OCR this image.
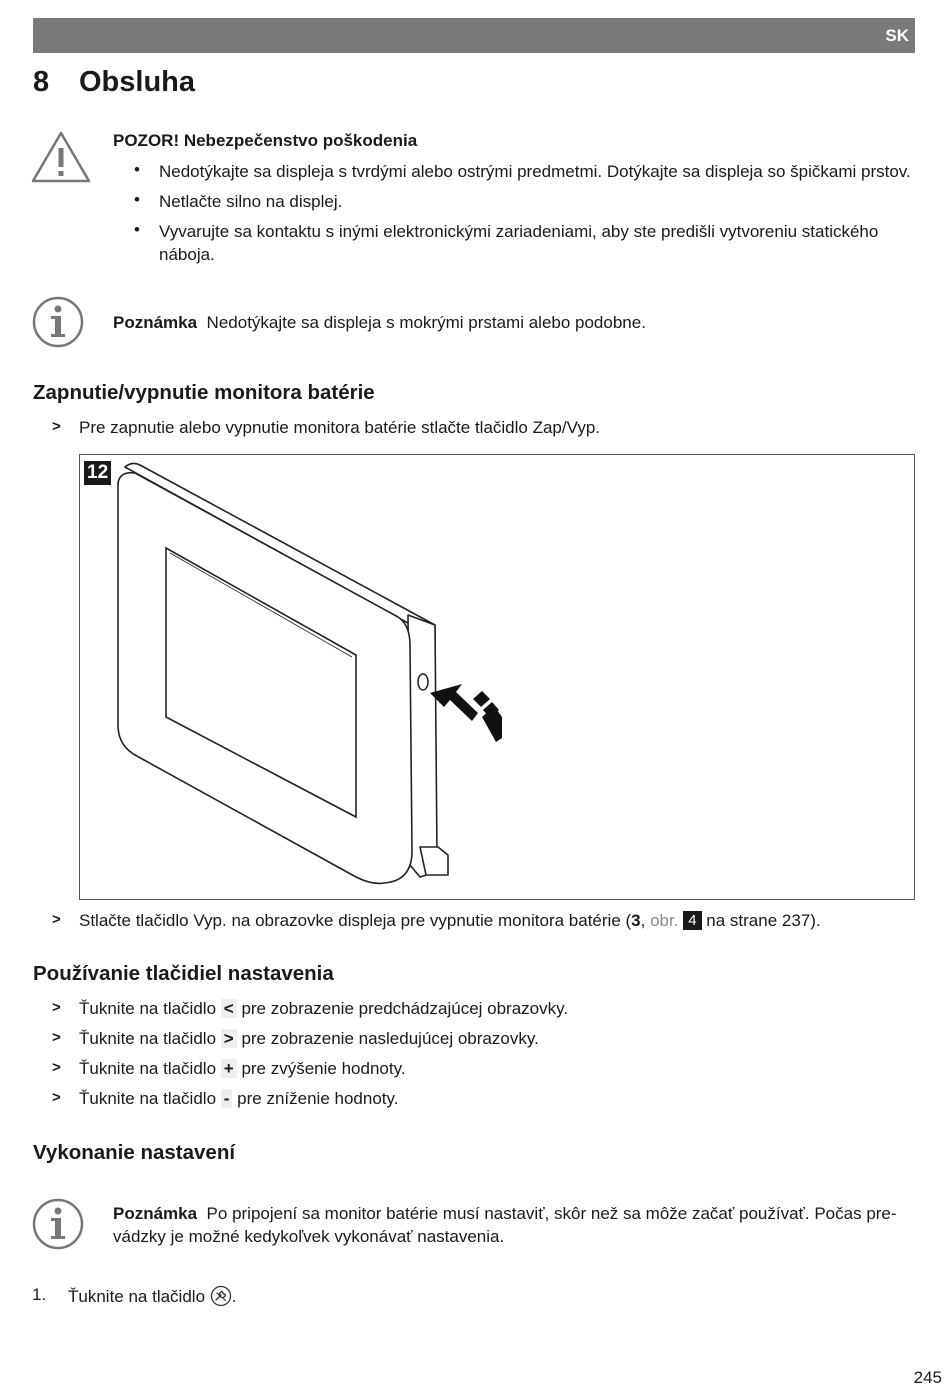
SK
8 Obsluha
POZOR! Nebezpečenstvo poškodenia
• Nedotýkajte sa displeja s tvrdými alebo ostrými predmetmi. Dotýkajte sa displeja so špičkami prstov.
• Netlačte silno na displej.
• Vyvarujte sa kontaktu s inými elektronickými zariadeniami, aby ste predišli vytvoreniu statického
náboja.
Poznámka Nedotýkajte sa displeja s mokrými prstami alebo podobne.
Zapnutie/vypnutie monitora batérie
> Pre zapnutie alebo vypnutie monitora batérie stlačte tlačidlo Zap/Vyp.
12
> Stlačte tlačidlo Vyp. na obrazovke displeja pre vypnutie monitora batérie (3, obr. 4 na strane 237).
Používanie tlačidiel nastavenia
> Ťuknite na tlačidlo < pre zobrazenie predchádzajúcej obrazovky.
> Ťuknite na tlačidlo > pre zobrazenie nasledujúcej obrazovky.
> Ťuknite na tlačidlo + pre zvýšenie hodnoty.
> Ťuknite na tlačidlo - pre zníženie hodnoty.
Vykonanie nastavení
Poznámka Po pripojení sa monitor batérie musí nastaviť, skôr než sa môže začať používať. Počas pre-
vádzky je možné kedykoľvek vykonávať nastavenia.
1. Ťuknite na tlačidlo .
245
